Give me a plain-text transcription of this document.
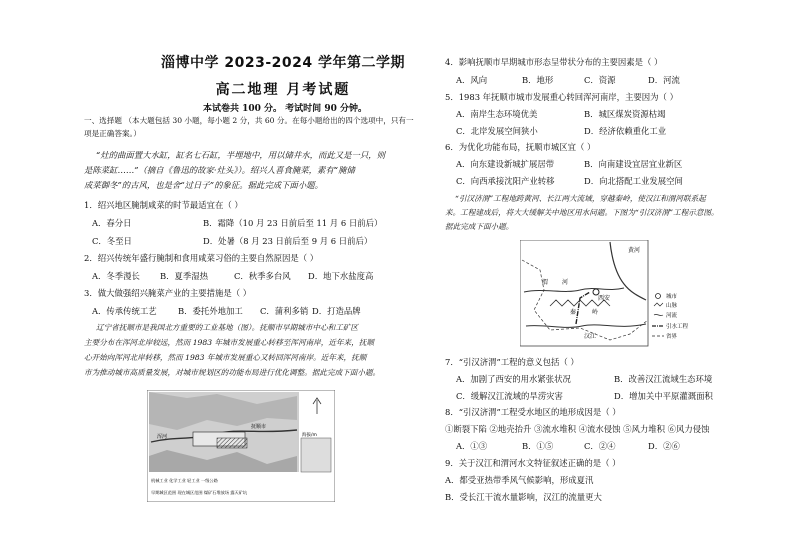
淄博中学 2023-2024 学年第二学期
高二地理 月考试题
本试卷共 100 分。 考试时间 90 分钟。
一、选择题 （本大题包括 30 小题，每小题 2 分，共 60 分。在每小题给出的四个选项中，只有一
项是正确答案。）
“灶的曲面置大水缸，缸名七石缸，半埋地中，用以储井水，而此又是一只，则
是陈菜缸……”（摘自《鲁迅的故家·灶头》）。绍兴人喜食腌菜，素有“腌储
成菜御冬”的古风，也是舍“过日子”的象征。据此完成下面小题。
1．绍兴地区腌制咸菜的时节最适宜在（ ）
A．春分日	B．霜降（10 月 23 日前后至 11 月 6 日前后）
C．冬至日	D．处暑（8 月 23 日前后至 9 月 6 日前后）
2．绍兴传统年盛行腌制和食用咸菜习俗的主要自然原因是（ ）
A．冬季漫长 B．夏季湿热	C．秋季多台风 D．地下水盐度高
3．做大做强绍兴腌菜产业的主要措施是（ ）
A．传承传统工艺	B．委托外地加工 C．蒲利多销 D．打造品牌
辽宁省抚顺市是我国北方重要的工业基地（图）。抚顺市早期城市中心和工矿区
主要分布在浑河北岸较远，然而 1983 年城市发展重心转移至浑河南岸，近年来，抚顺
心开始向浑河北岸转移，然而 1983 年城市发展重心又转回浑河南岸。近年来，抚顺
市为推动城市高质量发展，对城市规划区的功能布局进行优化调整。据此完成下面小题。
抚顺市
浑河	海拔/m
机械工业 化学工业 轻工业 一级公路
早期城区范围 现在城区范围 煤矿石堆放场 露天矿坑
4．影响抚顺市早期城市形态呈带状分布的主要因素是（ ）
A．风向	B．地形	C．资源	D．河流
5．1983 年抚顺市城市发展重心转回浑河南岸，主要因为（ ）
A．南岸生态环境优美	B．城区煤炭资源枯竭
C．北岸发展空间狭小	D．经济依赖重化工业
6．为优化功能布局，抚顺市城区宜（ ）
A．向东建设新城扩展居带	B．向南建设宜居宜业新区
C．向西承接沈阳产业转移	D．向北搭配工业发展空间
“引汉济渭”工程地跨黄河、长江两大流域，穿越秦岭，使汉江和渭河联系起
来。工程建成后，将大大缓解关中地区用水问题。下图为“引汉济渭”工程示意图。
据此完成下面小题。
黄河
渭 河
西安
秦	岭
汉江
城市
山脉
河流
引水工程
省界
7．“引汉济渭”工程的意义包括（ ）
A．加剧了西安的用水紧张状况	B．改善汉江流域生态环境
C．缓解汉江流域的旱涝灾害	D．增加关中平原灌溉面积
8．“引汉济渭”工程受水地区的地形成因是（ ）
①断裂下陷 ②地壳抬升 ③流水堆积 ④流水侵蚀 ⑤风力堆积 ⑥风力侵蚀
A．①③	B．①⑤	C．②④	D．②⑥
9．关于汉江和渭河水文特征叙述正确的是（ ）
A．都受亚热带季风气候影响，形成夏汛
B．受长江干流水量影响，汉江的流量更大
